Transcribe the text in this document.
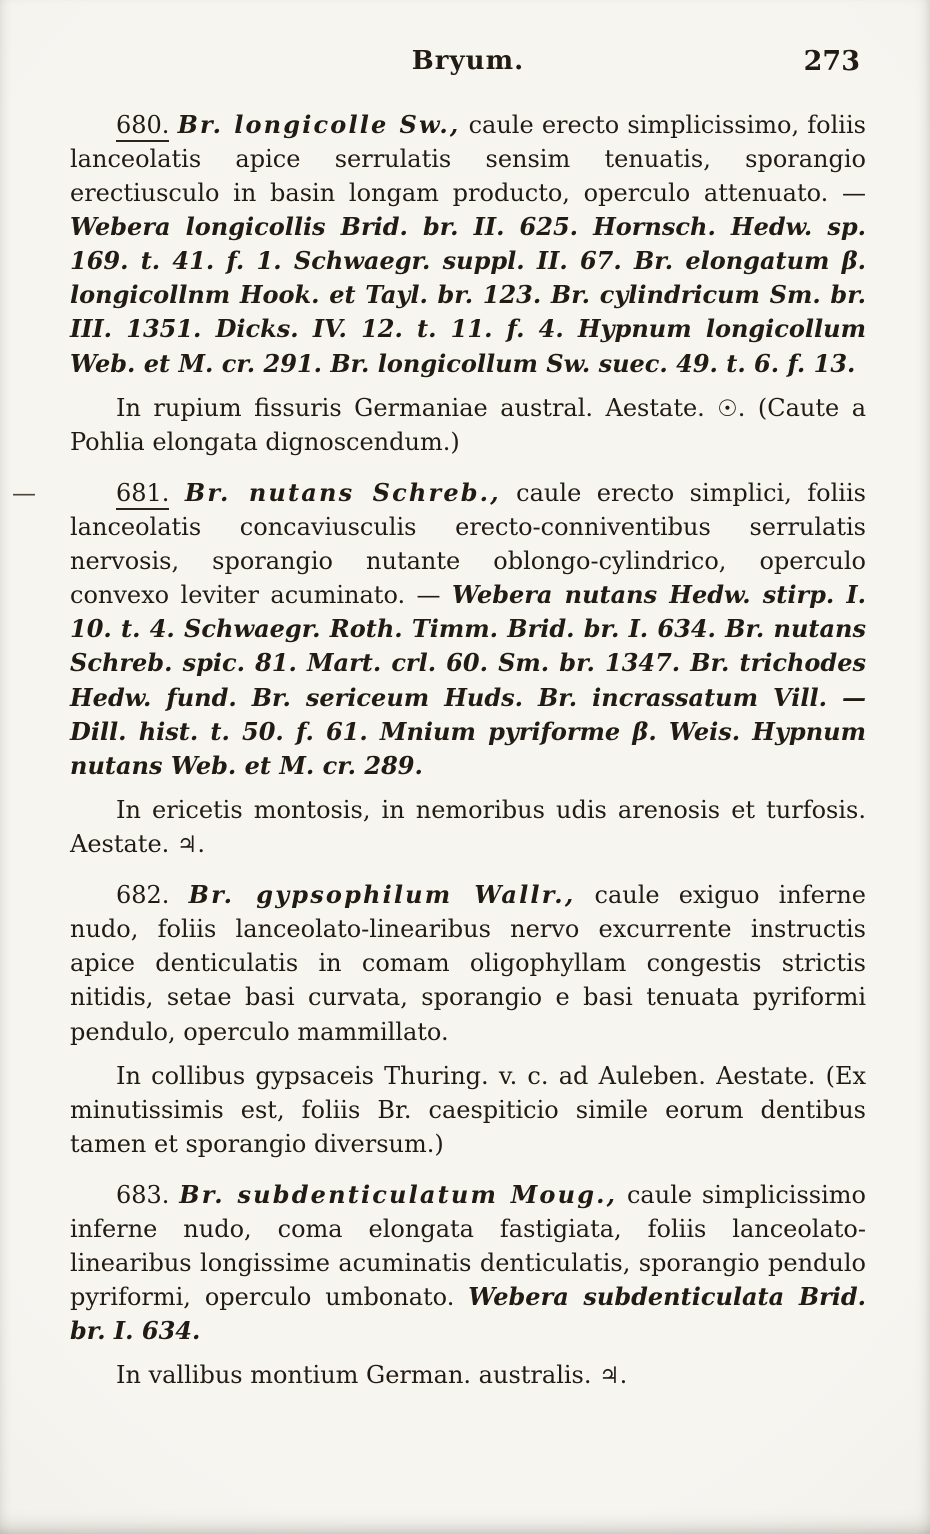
Bryum.	273

680. Br. longicolle Sw., caule erecto simplicissimo, foliis lanceolatis apice serrulatis sensim tenuatis, sporangio erectiusculo in basin longam producto, operculo attenuato. — Webera longicollis Brid. br. II. 625. Hornsch. Hedw. sp. 169. t. 41. f. 1. Schwaegr. suppl. II. 67. Br. elongatum β. longicollnm Hook. et Tayl. br. 123. Br. cylindricum Sm. br. III. 1351. Dicks. IV. 12. t. 11. f. 4. Hypnum longicollum Web. et M. cr. 291. Br. longicollum Sw. suec. 49. t. 6. f. 13.

In rupium fissuris Germaniae austral. Aestate. ☉. (Caute a Pohlia elongata dignoscendum.)

—	681. Br. nutans Schreb., caule erecto simplici, foliis lanceolatis concaviusculis erecto-conniventibus serrulatis nervosis, sporangio nutante oblongo-cylindrico, operculo convexo leviter acuminato. — Webera nutans Hedw. stirp. I. 10. t. 4. Schwaegr. Roth. Timm. Brid. br. I. 634. Br. nutans Schreb. spic. 81. Mart. crl. 60. Sm. br. 1347. Br. trichodes Hedw. fund. Br. sericeum Huds. Br. incrassatum Vill. — Dill. hist. t. 50. f. 61. Mnium pyriforme β. Weis. Hypnum nutans Web. et M. cr. 289.

In ericetis montosis, in nemoribus udis arenosis et turfosis. Aestate. ♃.

682. Br. gypsophilum Wallr., caule exiguo inferne nudo, foliis lanceolato-linearibus nervo excurrente instructis apice denticulatis in comam oligophyllam congestis strictis nitidis, setae basi curvata, sporangio e basi tenuata pyriformi pendulo, operculo mammillato.

In collibus gypsaceis Thuring. v. c. ad Auleben. Aestate. (Ex minutissimis est, foliis Br. caespiticio simile eorum dentibus tamen et sporangio diversum.)

683. Br. subdenticulatum Moug., caule simplicissimo inferne nudo, coma elongata fastigiata, foliis lanceolato-linearibus longissime acuminatis denticulatis, sporangio pendulo pyriformi, operculo umbonato. Webera subdenticulata Brid. br. I. 634.

In vallibus montium German. australis. ♃.
